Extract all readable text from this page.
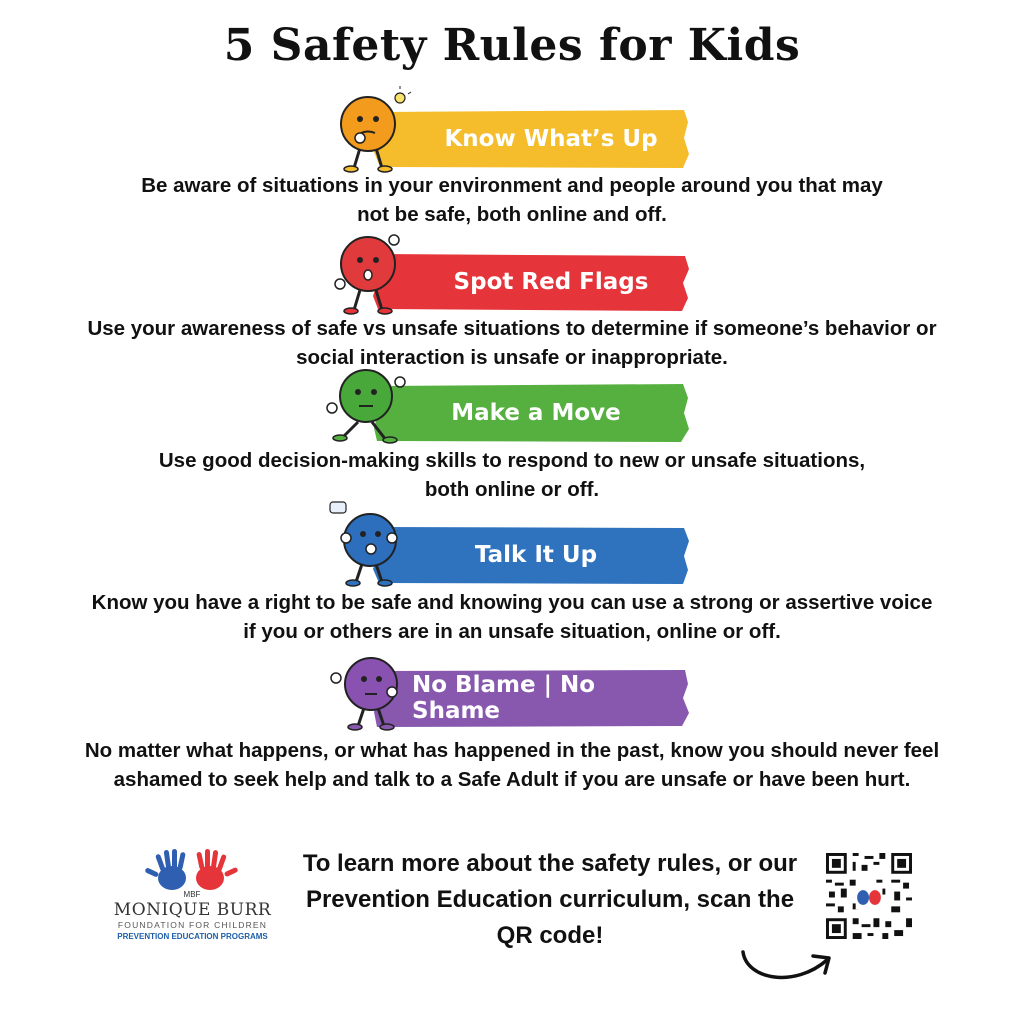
5 Safety Rules for Kids
Know What’s Up
Be aware of situations in your environment and people around you that may not be safe, both online and off.
Spot Red Flags
Use your awareness of safe vs unsafe situations to determine if someone’s behavior or social interaction is unsafe or inappropriate.
Make a Move
Use good decision-making skills to respond to new or unsafe situations, both online or off.
Talk It Up
Know you have a right to be safe and knowing you can use a strong or assertive voice if you or others are in an unsafe situation, online or off.
No Blame | No Shame
No matter what happens, or what has happened in the past, know you should never feel ashamed to seek help and talk to a Safe Adult if you are unsafe or have been hurt.
MBF
MONIQUE BURR
FOUNDATION FOR CHILDREN
PREVENTION EDUCATION PROGRAMS
To learn more about the safety rules, or our Prevention Education curriculum, scan the QR code!
